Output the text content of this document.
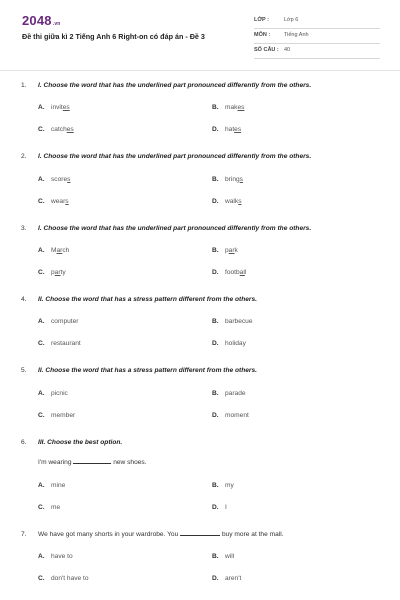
2048.vn
Đề thi giữa kì 2 Tiếng Anh 6 Right-on có đáp án - Đề 3
LỚP :	Lớp 6
MÔN :	Tiếng Anh
SỐ CÂU : 40
1. I. Choose the word that has the underlined part pronounced differently from the others.
A. invites	B. makes
C. catches	D. hates
2. I. Choose the word that has the underlined part pronounced differently from the others.
A. scores	B. brings
C. wears	D. walks
3. I. Choose the word that has the underlined part pronounced differently from the others.
A. March	B. park
C. party	D. football
4. II. Choose the word that has a stress pattern different from the others.
A. computer	B. barbecue
C. restaurant	D. holiday
5. II. Choose the word that has a stress pattern different from the others.
A. picnic	B. parade
C. member	D. moment
6. III. Choose the best option.
I'm wearing	new shoes.
A. mine	B. my
C. me	D. I
7. We have got many shorts in your wardrobe. You	buy more at the mall.
A. have to	B. will
C. don't have to	D. aren't
